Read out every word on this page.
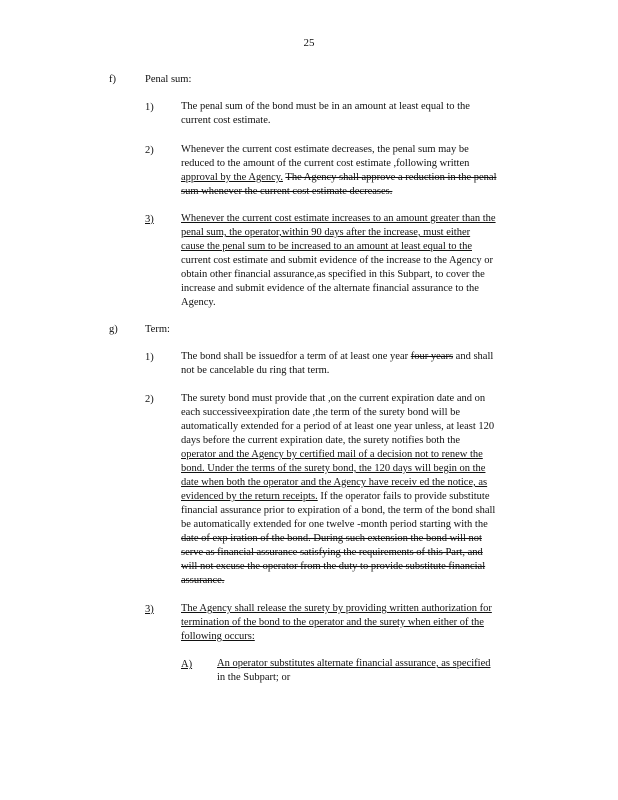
25
f)	Penal sum:
1)	The penal sum of the bond must be in an amount at least equal to the
current cost estimate.
2)	Whenever the current cost estimate decreases, the penal sum may be
reduced to the amount of the current cost estimate ,following written
approval by the Agency. The Agency shall approve a reduction in the penal
sum whenever the current cost estimate decreases.
3)	Whenever the current cost estimate increases to an amount greater than the
penal sum, the operator,within 90 days after the increase, must either
cause the penal sum to be increased to an amount at least equal to the
current cost estimate and submit evidence of the increase to the Agency or
obtain other financial assurance,as specified in this Subpart, to cover the
increase and submit evidence of the alternate financial assurance to the
Agency.
g)	Term:
1)	The bond shall be issuedfor a term of at least one year four years and shall
not be cancelable du ring that term.
2)	The surety bond must provide that ,on the current expiration date and on
each successiveexpiration date ,the term of the surety bond will be
automatically extended for a period of at least one year unless, at least 120
days before the current expiration date, the surety notifies both the
operator and the Agency by certified mail of a decision not to renew the
bond. Under the terms of the surety bond, the 120 days will begin on the
date when both the operator and the Agency have receiv ed the notice, as
evidenced by the return receipts. If the operator fails to provide substitute
financial assurance prior to expiration of a bond, the term of the bond shall
be automatically extended for one twelve -month period starting with the
date of exp iration of the bond. During such extension the bond will not
serve as financial assurance satisfying the requirements of this Part, and
will not excuse the operator from the duty to provide substitute financial
assurance.
3)	The Agency shall release the surety by providing written authorization for
termination of the bond to the operator and the surety when either of the
following occurs:
A) An operator substitutes alternate financial assurance, as specified
in the Subpart; or
